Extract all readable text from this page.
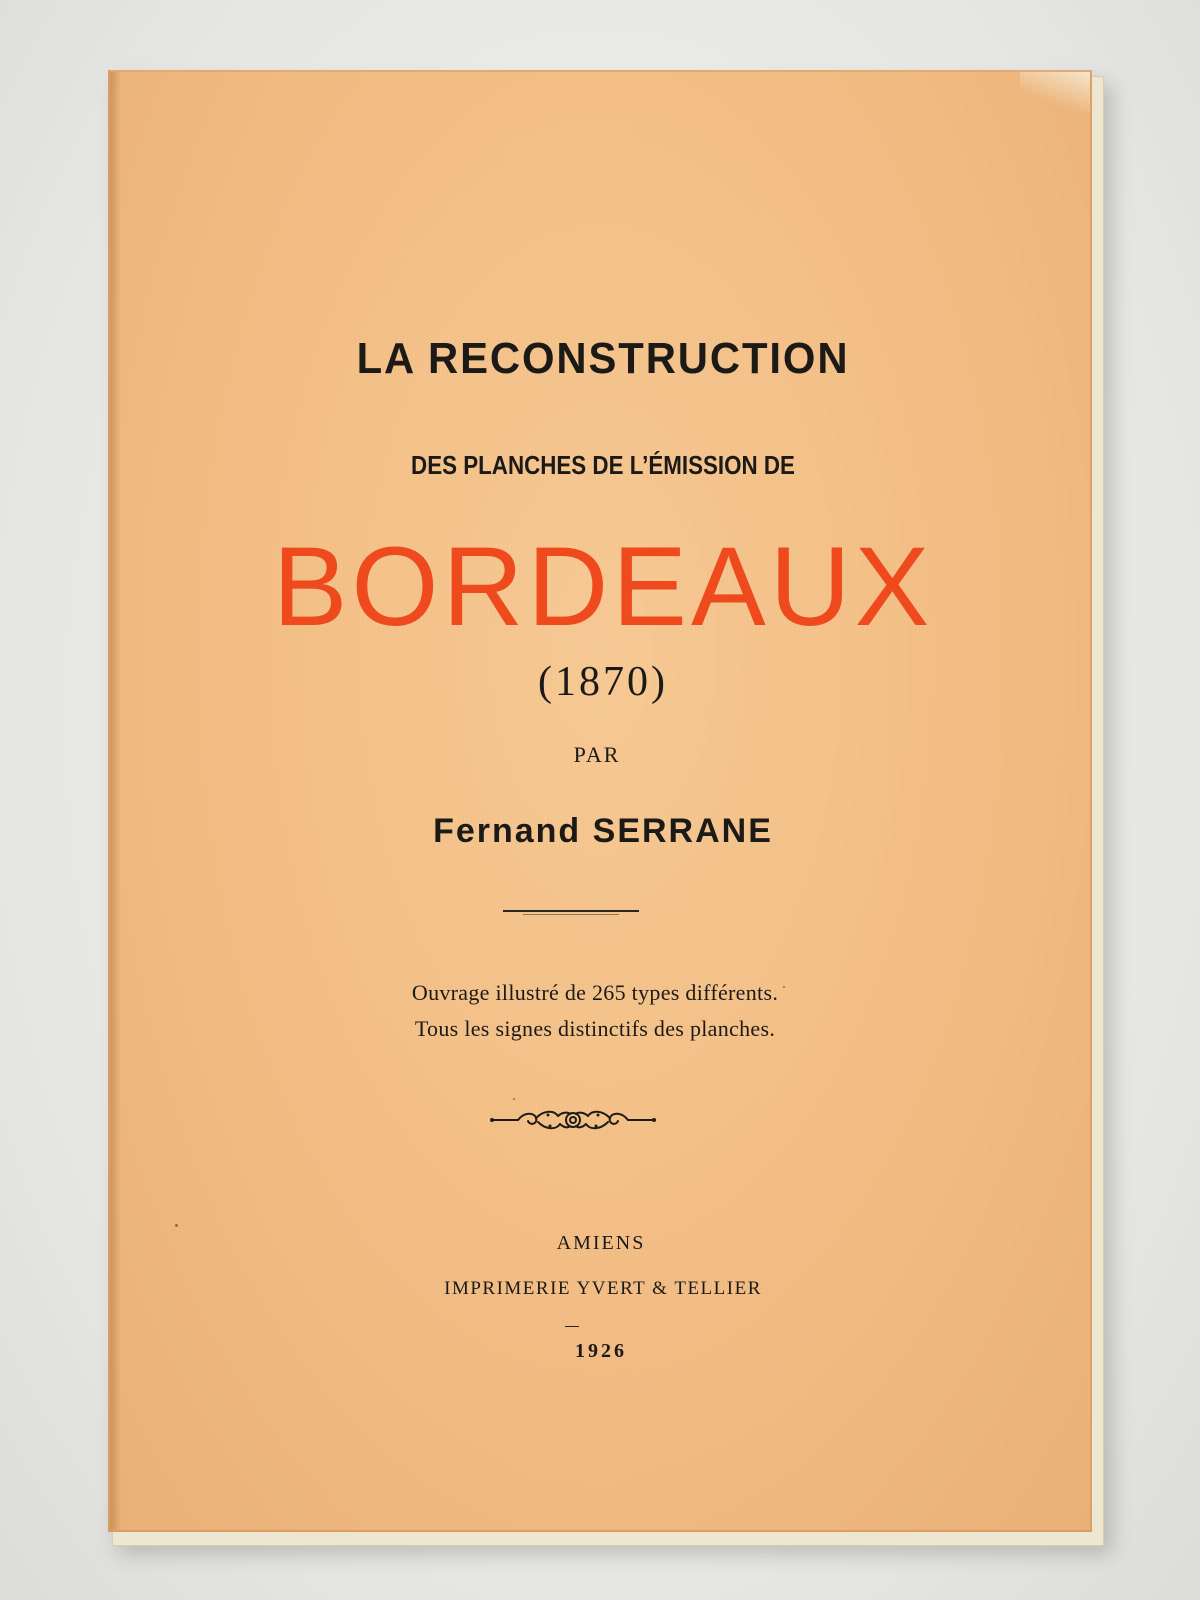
LA RECONSTRUCTION
DES PLANCHES DE L’ÉMISSION DE
BORDEAUX
(1870)
PAR
Fernand SERRANE
Ouvrage illustré de 265 types différents.
Tous les signes distinctifs des planches.
AMIENS
IMPRIMERIE YVERT & TELLIER
1926
